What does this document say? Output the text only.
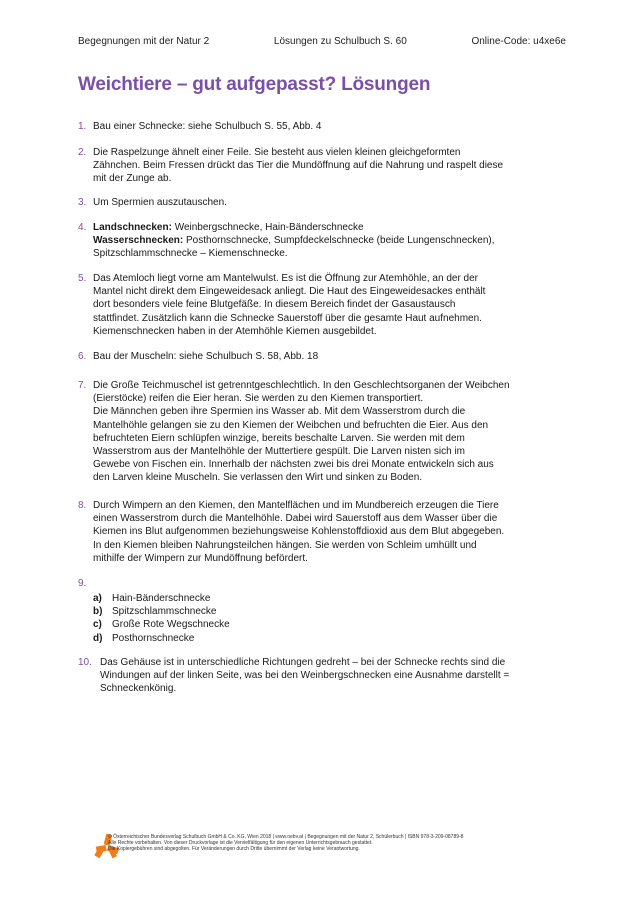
Begegnungen mit der Natur 2	Lösungen zu Schulbuch S. 60	Online-Code: u4xe6e
Weichtiere – gut aufgepasst? Lösungen
1. Bau einer Schnecke: siehe Schulbuch S. 55, Abb. 4

2. Die Raspelzunge ähnelt einer Feile. Sie besteht aus vielen kleinen gleichgeformten

Zähnchen. Beim Fressen drückt das Tier die Mundöffnung auf die Nahrung und raspelt diese

mit der Zunge ab.

3. Um Spermien auszutauschen.

4. Landschnecken: Weinbergschnecke, Hain-Bänderschnecke

Wasserschnecken: Posthornschnecke, Sumpfdeckelschnecke (beide Lungenschnecken),

Spitzschlammschnecke – Kiemenschnecke.

5. Das Atemloch liegt vorne am Mantelwulst. Es ist die Öffnung zur Atemhöhle, an der der

Mantel nicht direkt dem Eingeweidesack anliegt. Die Haut des Eingeweidesackes enthält

dort besonders viele feine Blutgefäße. In diesem Bereich findet der Gasaustausch

stattfindet. Zusätzlich kann die Schnecke Sauerstoff über die gesamte Haut aufnehmen.

Kiemenschnecken haben in der Atemhöhle Kiemen ausgebildet.

6. Bau der Muscheln: siehe Schulbuch S. 58, Abb. 18

7. Die Große Teichmuschel ist getrenntgeschlechtlich. In den Geschlechtsorganen der Weibchen

(Eierstöcke) reifen die Eier heran. Sie werden zu den Kiemen transportiert.

Die Männchen geben ihre Spermien ins Wasser ab. Mit dem Wasserstrom durch die

Mantelhöhle gelangen sie zu den Kiemen der Weibchen und befruchten die Eier. Aus den

befruchteten Eiern schlüpfen winzige, bereits beschalte Larven. Sie werden mit dem

Wasserstrom aus der Mantelhöhle der Muttertiere gespült. Die Larven nisten sich im

Gewebe von Fischen ein. Innerhalb der nächsten zwei bis drei Monate entwickeln sich aus

den Larven kleine Muscheln. Sie verlassen den Wirt und sinken zu Boden.

8. Durch Wimpern an den Kiemen, den Mantelflächen und im Mundbereich erzeugen die Tiere

einen Wasserstrom durch die Mantelhöhle. Dabei wird Sauerstoff aus dem Wasser über die

Kiemen ins Blut aufgenommen beziehungsweise Kohlenstoffdioxid aus dem Blut abgegeben.

In den Kiemen bleiben Nahrungsteilchen hängen. Sie werden von Schleim umhüllt und

mithilfe der Wimpern zur Mundöffnung befördert.

9.

a)	Hain-Bänderschnecke

b) Spitzschlammschnecke

c)	Große Rote Wegschnecke

d) Posthornschnecke

10. Das Gehäuse ist in unterschiedliche Richtungen gedreht – bei der Schnecke rechts sind die

Windungen auf der linken Seite, was bei den Weinbergschnecken eine Ausnahme darstellt =

Schneckenkönig.

© Österreichischer Bundesverlag Schulbuch GmbH & Co. KG, Wien 2018 | www.oebv.at | Begegnungen mit der Natur 2, Schülerbuch | ISBN 978-3-209-08789-8
Alle Rechte vorbehalten. Von dieser Druckvorlage ist die Vervielfältigung für den eigenen Unterrichtsgebrauch gestattet.
Die Kopiergebühren sind abgegolten. Für Veränderungen durch Dritte übernimmt der Verlag keine Verantwortung.
